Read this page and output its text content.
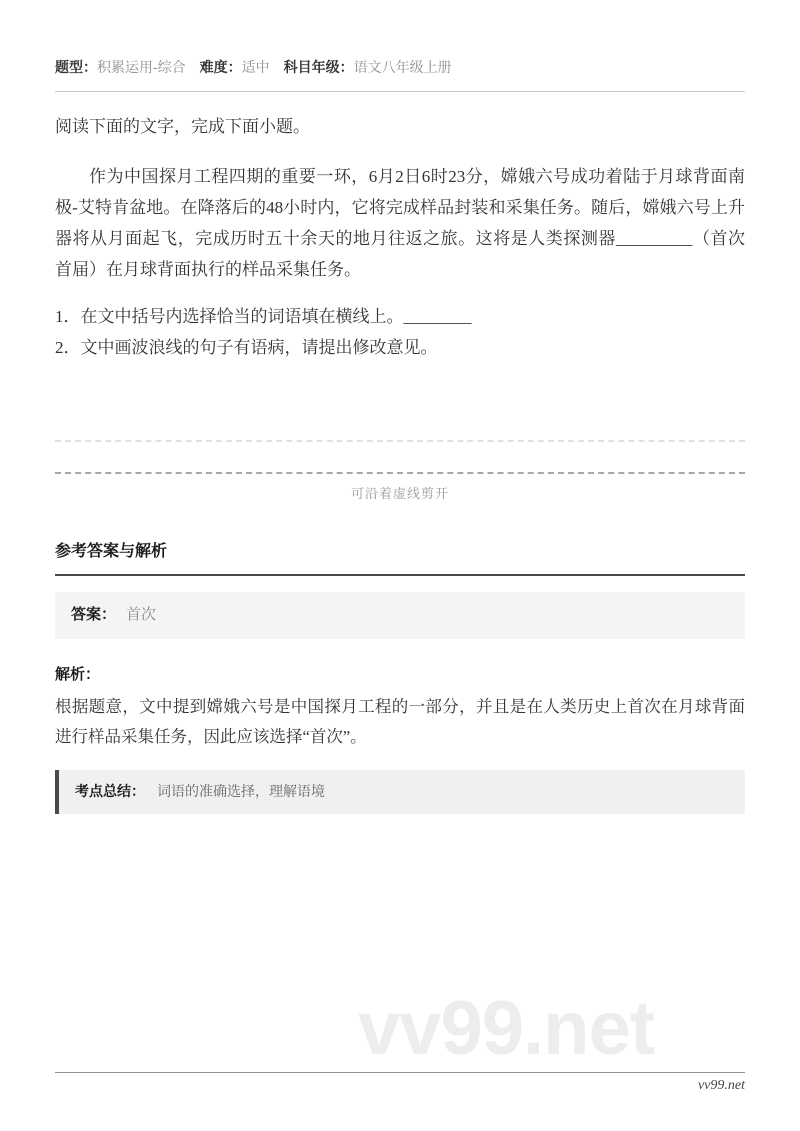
题型：积累运用-综合 难度：适中 科目年级：语文八年级上册
阅读下面的文字，完成下面小题。
作为中国探月工程四期的重要一环，6月2日6时23分，嫦娥六号成功着陆于月球背面南极-艾特肯盆地。在降落后的48小时内，它将完成样品封装和采集任务。随后，嫦娥六号上升器将从月面起飞，完成历时五十余天的地月往返之旅。这将是人类探测器_________（首次　　　首届）在月球背面执行的样品采集任务。
1．在文中括号内选择恰当的词语填在横线上。________
2．文中画波浪线的句子有语病，请提出修改意见。
可沿着虚线剪开
参考答案与解析
答案： 首次
解析：
根据题意，文中提到嫦娥六号是中国探月工程的一部分，并且是在人类历史上首次在月球背面进行样品采集任务，因此应该选择“首次”。
考点总结： 词语的准确选择，理解语境
vv99.net
vv99.net
